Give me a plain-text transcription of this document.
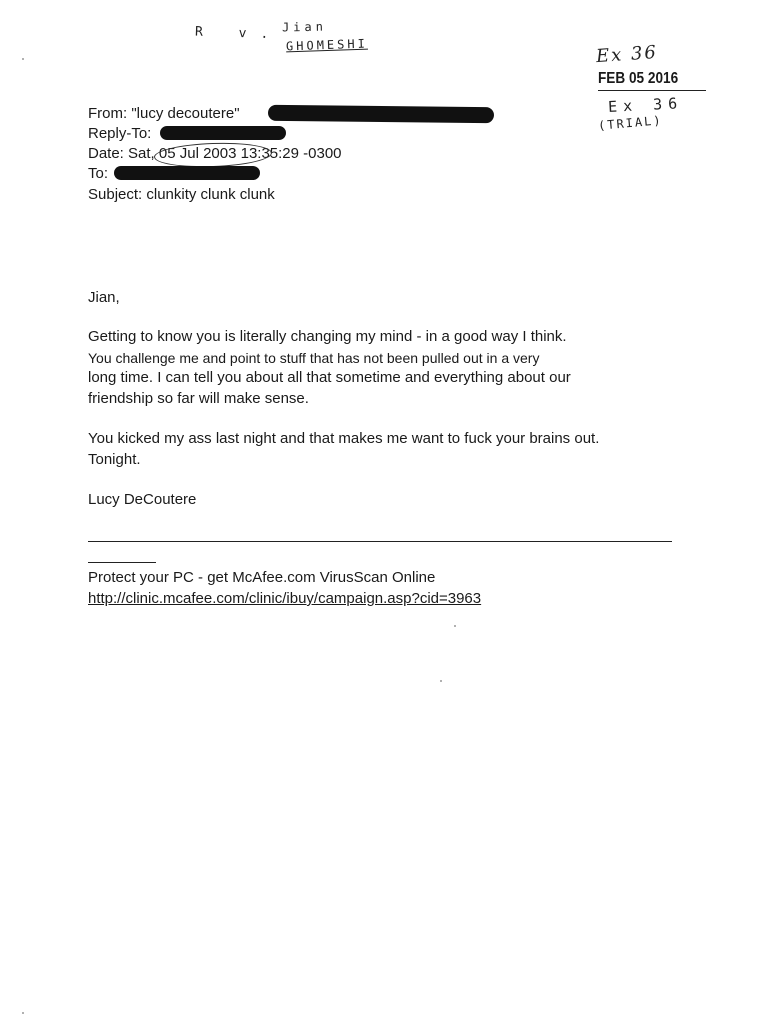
R v. Jian
GHOMESHI	Ex 36
FEB 05 2016
Ex 36
(TRIAL)
From: "lucy decoutere"
Reply-To:
Date: Sat, 05 Jul 2003 13:35:29 -0300
To:
Subject: clunkity clunk clunk
Jian,
Getting to know you is literally changing my mind - in a good way I think.
You challenge me and point to stuff that has not been pulled out in a very
long time. I can tell you about all that sometime and everything about our
friendship so far will make sense.
You kicked my ass last night and that makes me want to fuck your brains out.
Tonight.
Lucy DeCoutere
Protect your PC - get McAfee.com VirusScan Online
http://clinic.mcafee.com/clinic/ibuy/campaign.asp?cid=3963
